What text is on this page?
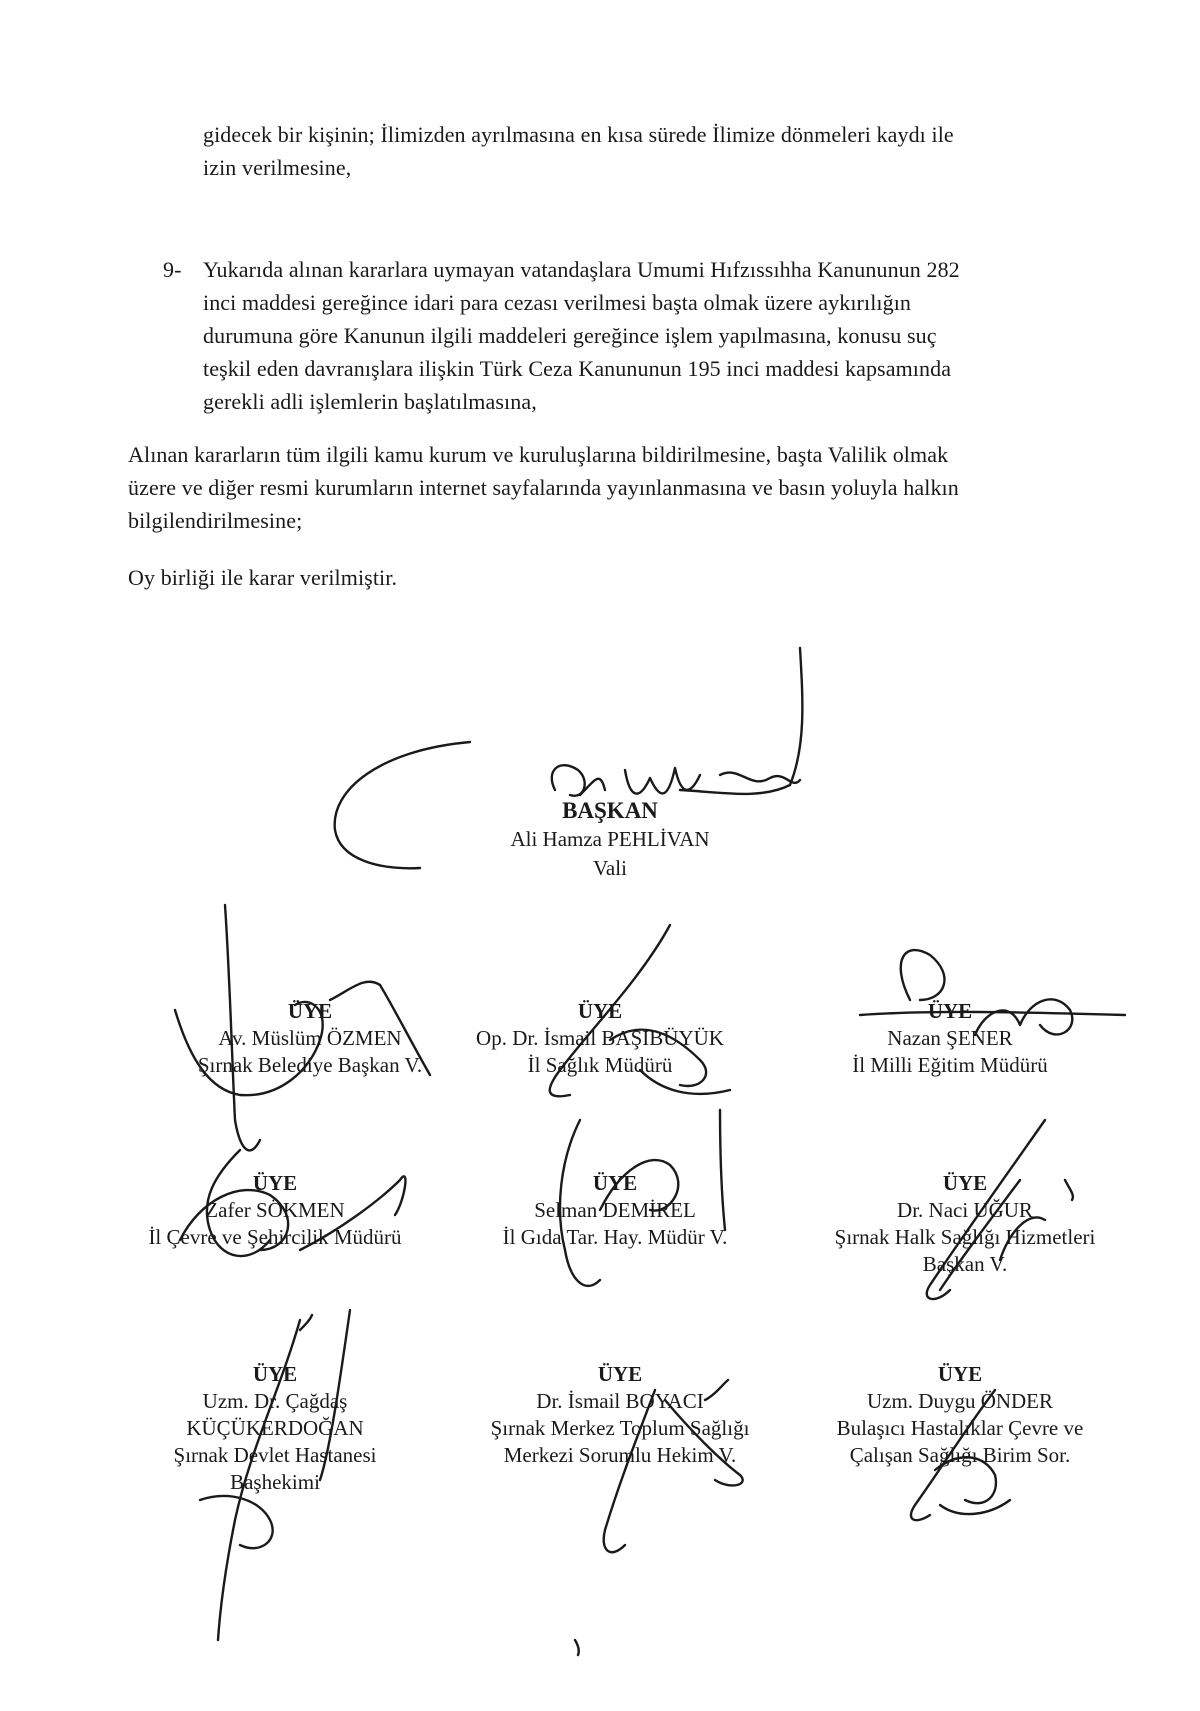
gidecek bir kişinin; İlimizden ayrılmasına en kısa sürede İlimize dönmeleri kaydı ile
izin verilmesine,
9- Yukarıda alınan kararlara uymayan vatandaşlara Umumi Hıfzıssıhha Kanununun 282
inci maddesi gereğince idari para cezası verilmesi başta olmak üzere aykırılığın
durumuna göre Kanunun ilgili maddeleri gereğince işlem yapılmasına, konusu suç
teşkil eden davranışlara ilişkin Türk Ceza Kanununun 195 inci maddesi kapsamında
gerekli adli işlemlerin başlatılmasına,
Alınan kararların tüm ilgili kamu kurum ve kuruluşlarına bildirilmesine, başta Valilik olmak
üzere ve diğer resmi kurumların internet sayfalarında yayınlanmasına ve basın yoluyla halkın
bilgilendirilmesine;
Oy birliği ile karar verilmiştir.
BAŞKAN
Ali Hamza PEHLİVAN
Vali
ÜYE
Av. Müslüm ÖZMEN
Şırnak Belediye Başkan V.
ÜYE
Op. Dr. İsmail BAŞIBÜYÜK
İl Sağlık Müdürü
ÜYE
Nazan ŞENER
İl Milli Eğitim Müdürü
ÜYE
Zafer SÖKMEN
İl Çevre ve Şehircilik Müdürü
ÜYE
Selman DEMİREL
İl Gıda Tar. Hay. Müdür V.
ÜYE
Dr. Naci UĞUR
Şırnak Halk Sağlığı Hizmetleri
Başkan V.
ÜYE
Uzm. Dr. Çağdaş
KÜÇÜKERDOĞAN
Şırnak Devlet Hastanesi
Başhekimi
ÜYE
Dr. İsmail BOYACI
Şırnak Merkez Toplum Sağlığı
Merkezi Sorumlu Hekim V.
ÜYE
Uzm. Duygu ÖNDER
Bulaşıcı Hastalıklar Çevre ve
Çalışan Sağlığı Birim Sor.
